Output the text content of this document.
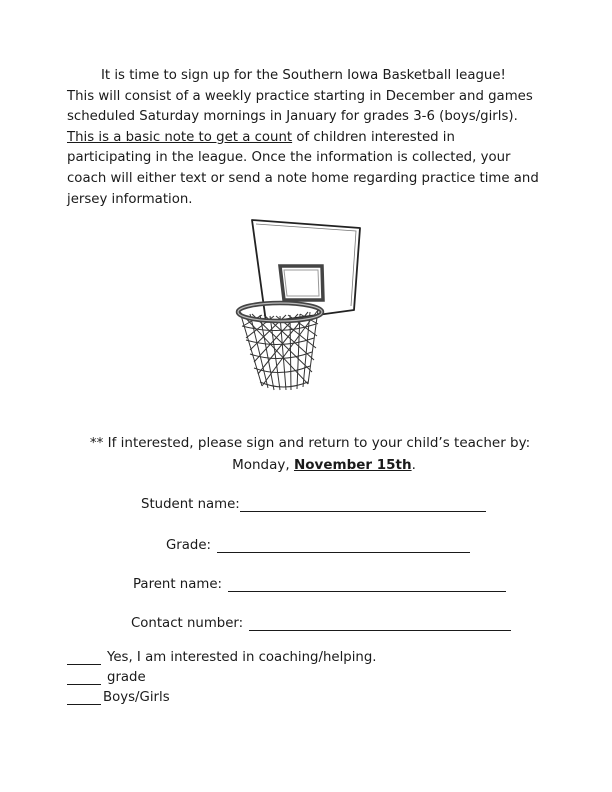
It is time to sign up for the Southern Iowa Basketball league!

This will consist of a weekly practice starting in December and games

scheduled Saturday mornings in January for grades 3-6 (boys/girls).

This is a basic note to get a count of children interested in

participating in the league. Once the information is collected, your

coach will either text or send a note home regarding practice time and

jersey information.

** If interested, please sign and return to your child’s teacher by:
Monday, November 15th.
Student name:
Grade:
Parent name:
Contact number:
Yes, I am interested in coaching/helping.
grade
Boys/Girls
